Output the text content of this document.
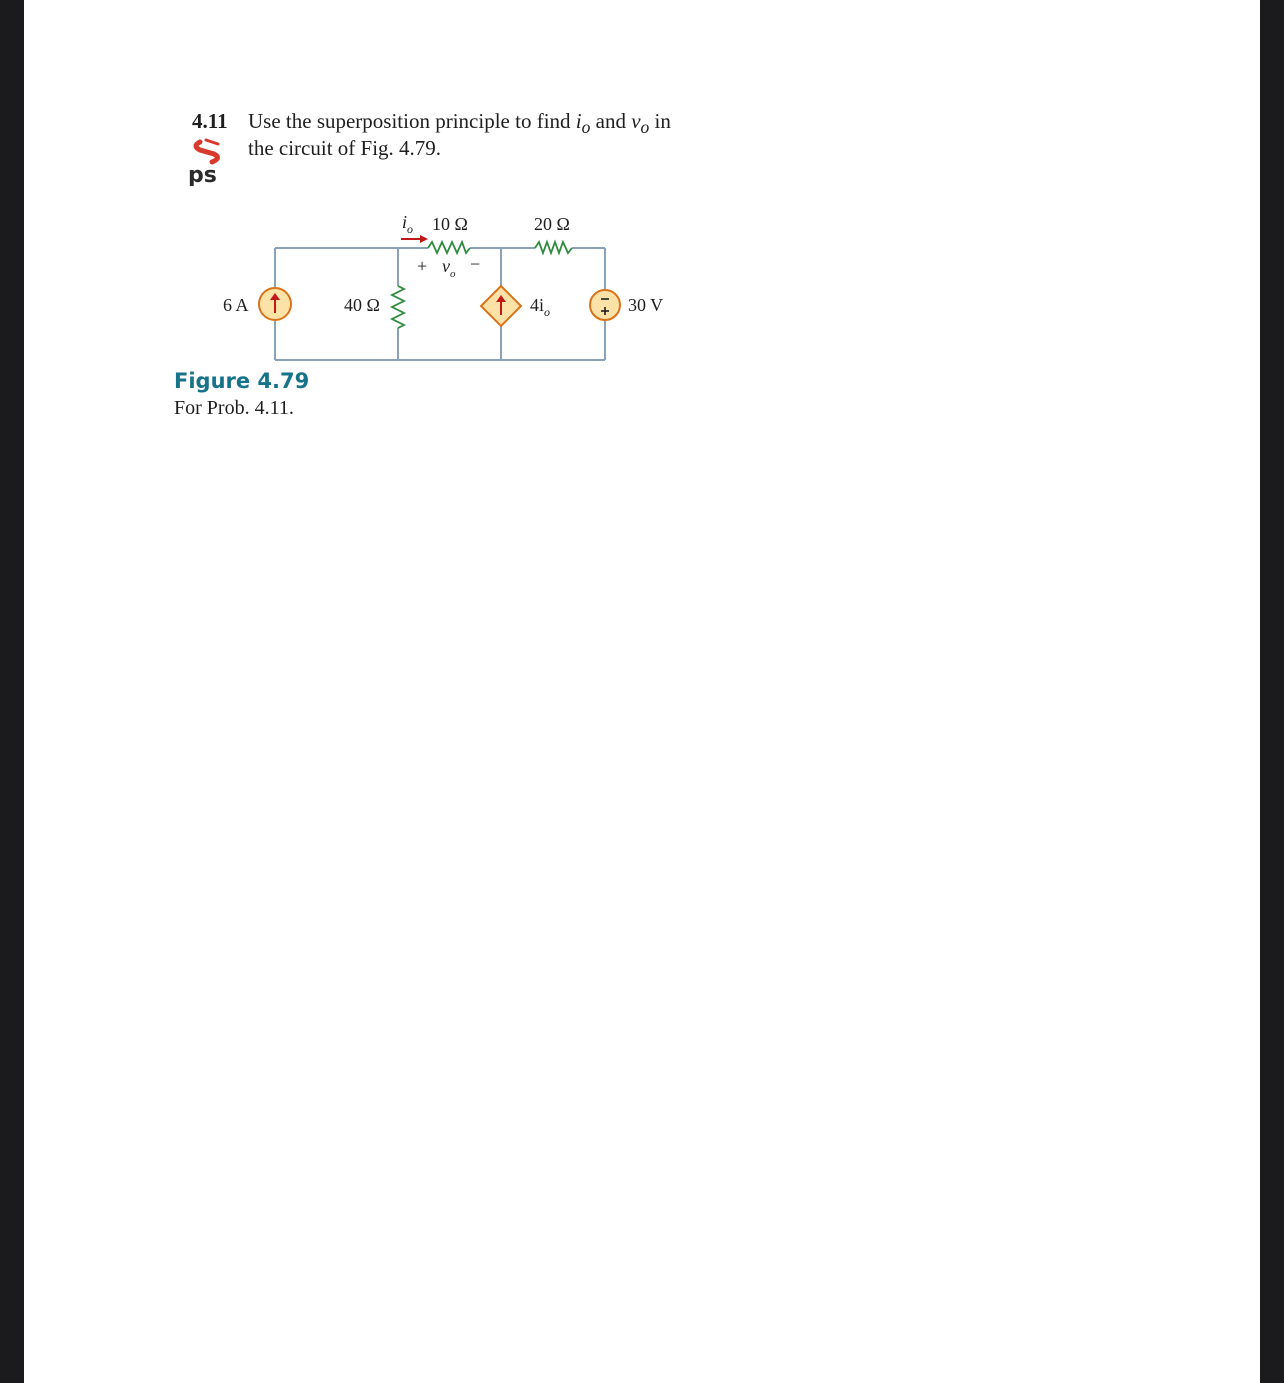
4.11 Use the superposition principle to find $i_o$ and $v_o$ in
the circuit of Fig. 4.79.
ps
6 A	40 Ω
10 Ω
$i_o$
+ $v_o$ −
20 Ω
$4i_o$	30 V
Figure 4.79
For Prob. 4.11.
